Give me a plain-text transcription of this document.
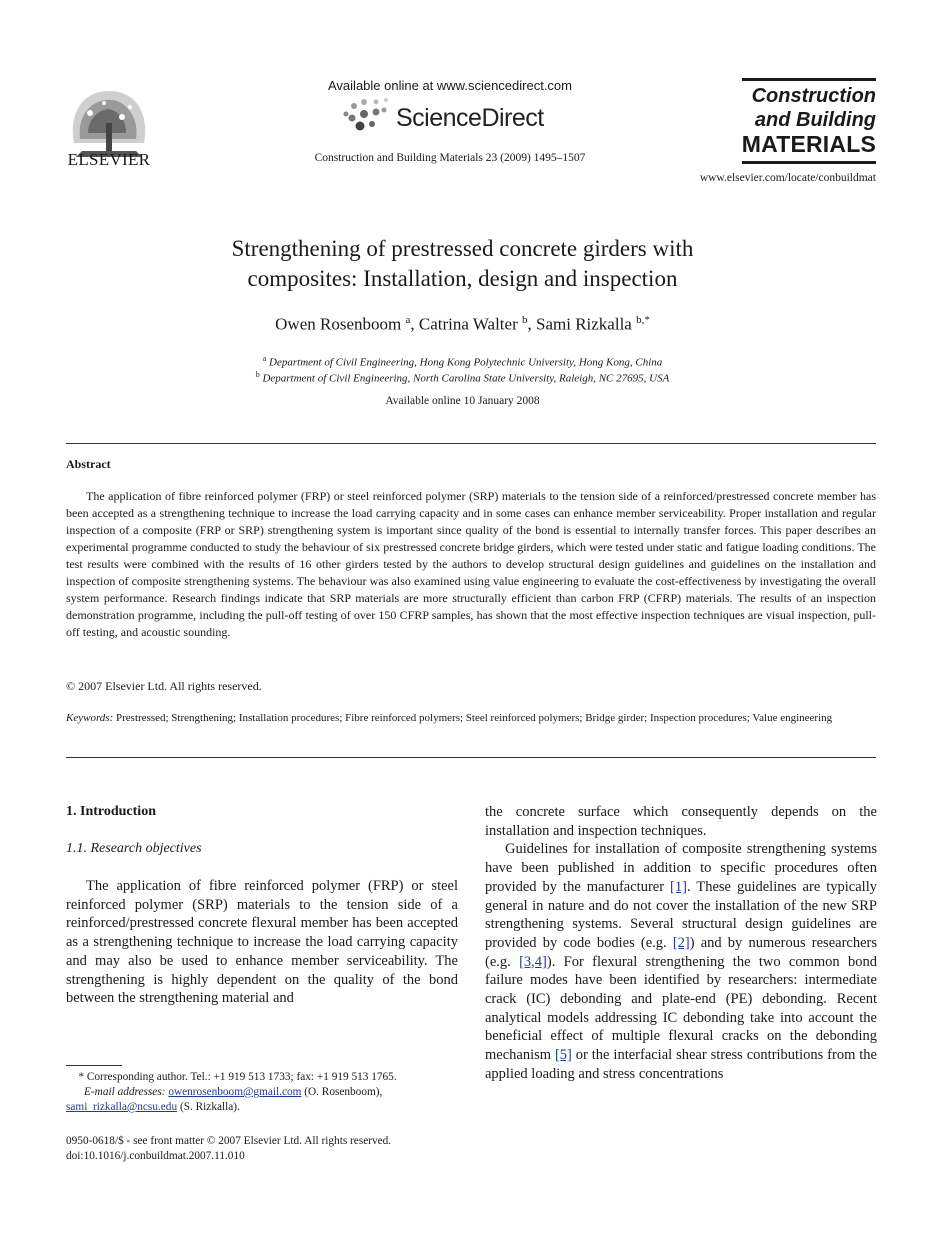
ELSEVIER
Available online at www.sciencedirect.com
ScienceDirect
Construction and Building Materials 23 (2009) 1495–1507
Construction
and Building
MATERIALS
www.elsevier.com/locate/conbuildmat
Strengthening of prestressed concrete girders with
composites: Installation, design and inspection
Owen Rosenboom $^a$, Catrina Walter $^b$, Sami Rizkalla $^{b,*}$
$^a$ Department of Civil Engineering, Hong Kong Polytechnic University, Hong Kong, China
$^b$ Department of Civil Engineering, North Carolina State University, Raleigh, NC 27695, USA
Available online 10 January 2008
Abstract
The application of fibre reinforced polymer (FRP) or steel reinforced polymer (SRP) materials to the tension side of a reinforced/prestressed concrete member has been accepted as a strengthening technique to increase the load carrying capacity and in some cases can enhance member serviceability. Proper installation and regular inspection of a composite (FRP or SRP) strengthening system is important since quality of the bond is essential to internally transfer forces. This paper describes an experimental programme conducted to study the behaviour of six prestressed concrete bridge girders, which were tested under static and fatigue loading conditions. The test results were combined with the results of 16 other girders tested by the authors to develop structural design guidelines and guidelines on the installation and inspection of composite strengthening systems. The behaviour was also examined using value engineering to evaluate the cost-effectiveness by investigating the overall system performance. Research findings indicate that SRP materials are more structurally efficient than carbon FRP (CFRP) materials. The results of an inspection demonstration programme, including the pull-off testing of over 150 CFRP samples, has shown that the most effective inspection techniques are visual inspection, pull-off testing, and acoustic sounding.
© 2007 Elsevier Ltd. All rights reserved.
Keywords: Prestressed; Strengthening; Installation procedures; Fibre reinforced polymers; Steel reinforced polymers; Bridge girder; Inspection procedures; Value engineering
1. Introduction
1.1. Research objectives
The application of fibre reinforced polymer (FRP) or steel reinforced polymer (SRP) materials to the tension side of a reinforced/prestressed concrete flexural member has been accepted as a strengthening technique to increase the load carrying capacity and may also be used to enhance member serviceability. The strengthening is highly dependent on the quality of the bond between the strengthening material and

the concrete surface which consequently depends on the installation and inspection techniques.

Guidelines for installation of composite strengthening systems have been published in addition to specific procedures often provided by the manufacturer [1]. These guidelines are typically general in nature and do not cover the installation of the new SRP strengthening systems. Several structural design guidelines are provided by code bodies (e.g. [2]) and by numerous researchers (e.g. [3,4]). For flexural strengthening the two common bond failure modes have been identified by researchers: intermediate crack (IC) debonding and plate-end (PE) debonding. Recent analytical models addressing IC debonding take into account the beneficial effect of multiple flexural cracks on the debonding mechanism [5] or the interfacial shear stress contributions from the applied loading and stress concentrations

* Corresponding author. Tel.: +1 919 513 1733; fax: +1 919 513 1765.
E-mail addresses: owenrosenboom@gmail.com (O. Rosenboom),
sami_rizkalla@ncsu.edu (S. Rizkalla).
0950-0618/$ - see front matter © 2007 Elsevier Ltd. All rights reserved.
doi:10.1016/j.conbuildmat.2007.11.010
